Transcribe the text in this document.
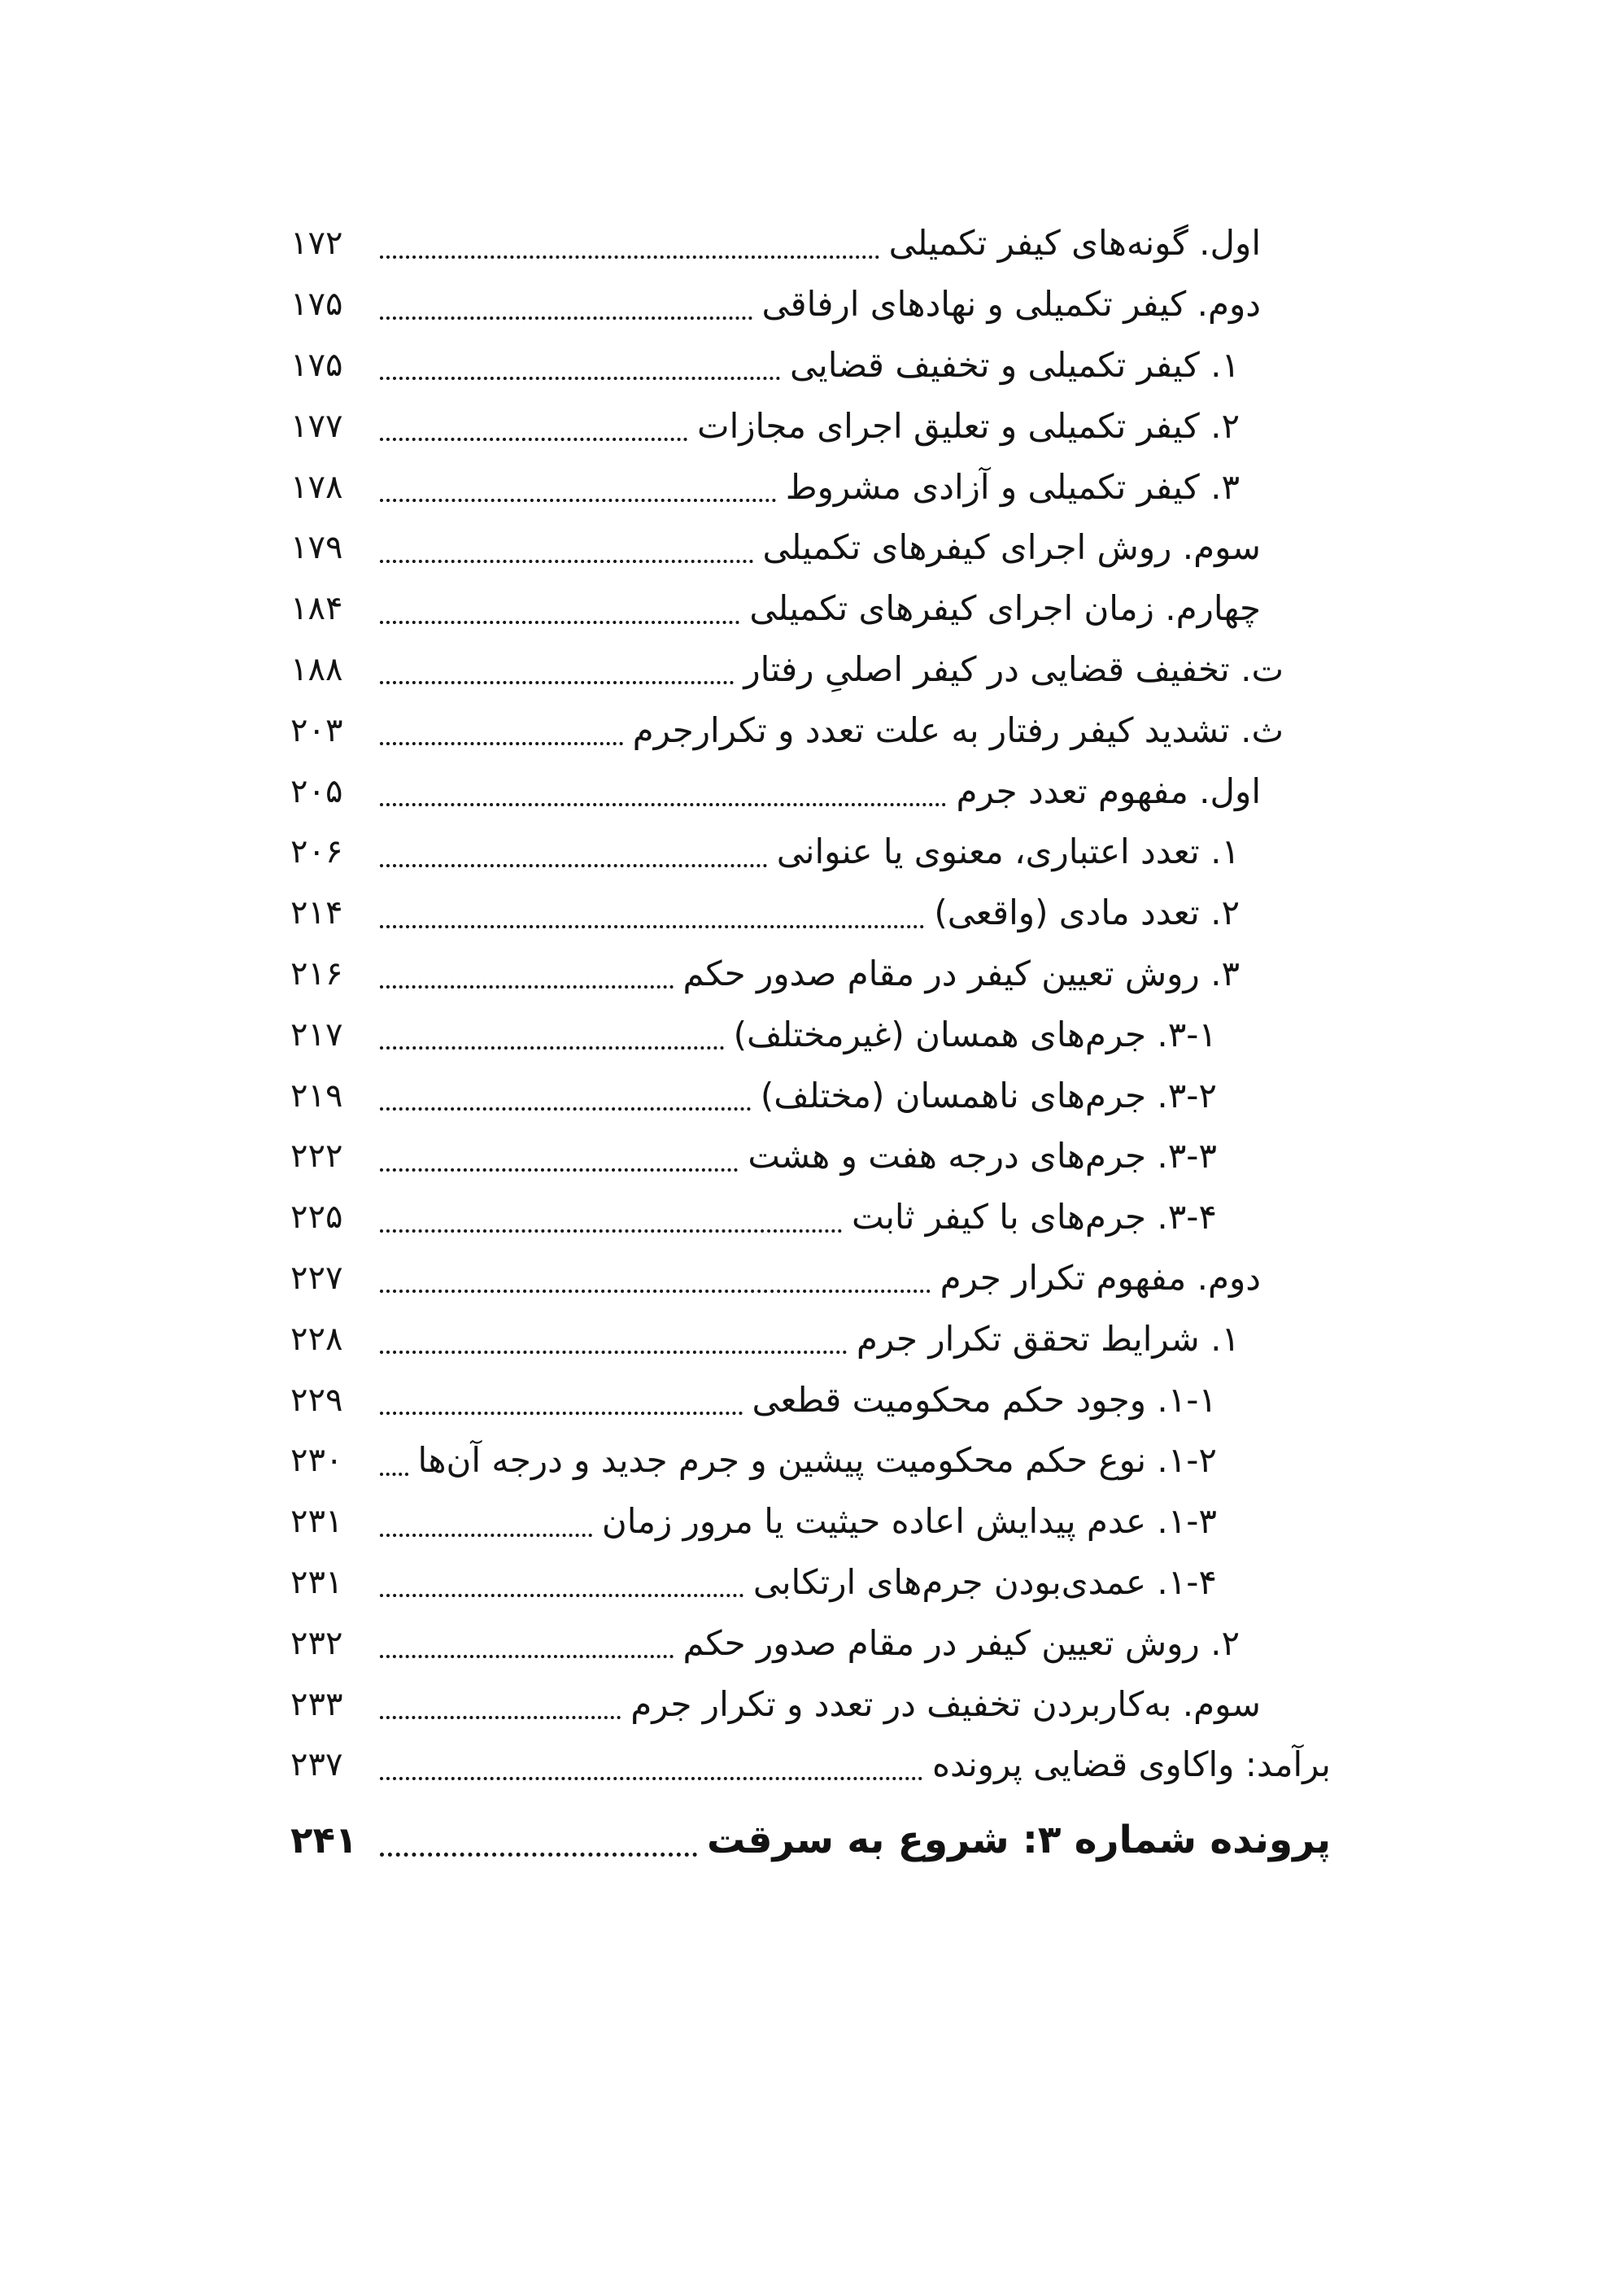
اول. گونه‌های کیفر تکمیلی
۱۷۲
دوم. کیفر تکمیلی و نهادهای ارفاقی
۱۷۵
۱. کیفر تکمیلی و تخفیف قضایی
۱۷۵
۲. کیفر تکمیلی و تعلیق اجرای مجازات
۱۷۷
۳. کیفر تکمیلی و آزادی مشروط
۱۷۸
سوم. روش اجرای کیفرهای تکمیلی
۱۷۹
چهارم. زمان اجرای کیفرهای تکمیلی
۱۸۴
ت. تخفیف قضایی در کیفر اصلیِ رفتار
۱۸۸
ث. تشدید کیفر رفتار به علت تعدد و تکرارجرم
۲۰۳
اول. مفهوم تعدد جرم
۲۰۵
۱. تعدد اعتباری، معنوی یا عنوانی
۲۰۶
۲. تعدد مادی (واقعی)
۲۱۴
۳. روش تعیین کیفر در مقام صدور حکم
۲۱۶
۳-۱. جرم‌های همسان (غیرمختلف)
۲۱۷
۳-۲. جرم‌های ناهمسان (مختلف)
۲۱۹
۳-۳. جرم‌های درجه هفت و هشت
۲۲۲
۳-۴. جرم‌های با کیفر ثابت
۲۲۵
دوم. مفهوم تکرار جرم
۲۲۷
۱. شرایط تحقق تکرار جرم
۲۲۸
۱-۱. وجود حکم محکومیت قطعی
۲۲۹
۱-۲. نوع حکم محکومیت پیشین و جرم جدید و درجه آن‌ها
۲۳۰
۱-۳. عدم پیدایش اعاده حیثیت یا مرور زمان
۲۳۱
۱-۴. عمدی‌بودن جرم‌های ارتکابی
۲۳۱
۲. روش تعیین کیفر در مقام صدور حکم
۲۳۲
سوم. به‌کاربردن تخفیف در تعدد و تکرار جرم
۲۳۳
برآمد: واکاوی قضایی پرونده
۲۳۷
پرونده شماره ۳: شروع به سرقت
۲۴۱
